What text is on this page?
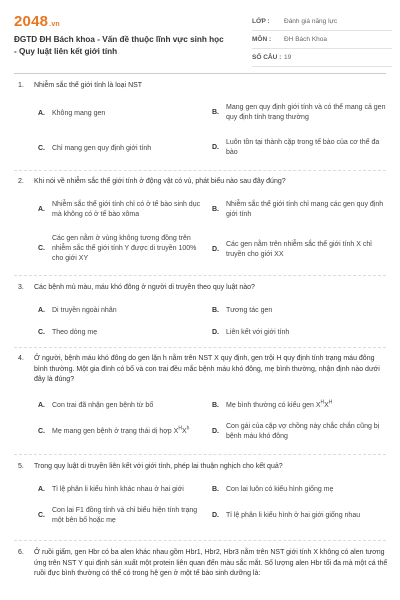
2048.vn
ĐGTD ĐH Bách khoa - Vấn đề thuộc lĩnh vực sinh học - Quy luật liên kết giới tính
LỚP :	Đánh giá năng lực
MÔN :	ĐH Bách Khoa
SỐ CÂU : 19
1. Nhiễm sắc thể giới tính là loại NST
A.	Không mang gen	B.
Mang gen quy định giới tính và có thể mang cả gen quy định tính trạng thường
C.	Chỉ mang gen quy định giới tính	D.
Luôn tồn tại thành cặp trong tế bào của cơ thể đa bào
2. Khi nói về nhiễm sắc thể giới tính ở động vật có vú, phát biểu nào sau đây đúng?
A.
Nhiễm sắc thể giới tính chỉ có ở tế bào sinh dục mà không có ở tế bào xôma
B.
Nhiễm sắc thể giới tính chỉ mang các gen quy định giới tính
C.
Các gen nằm ở vùng không tương đồng trên nhiễm sắc thể giới tính Y được di truyền 100% cho giới XY
D.
Các gen nằm trên nhiễm sắc thể giới tính X chỉ truyền cho giới XX
3. Các bệnh mù màu, máu khó đông ở người di truyền theo quy luật nào?
A.	Di truyền ngoài nhân	B.	Tương tác gen
C.	Theo dòng mẹ	D.	Liên kết với giới tính
4. Ở người, bệnh máu khó đông do gen lặn h nằm trên NST X quy định, gen trội H quy định tính trạng máu đông bình thường. Một gia đình có bố và con trai đều mắc bệnh máu khó đông, mẹ bình thường, nhận định nào dưới đây là đúng?
A.	Con trai đã nhận gen bệnh từ bố	B.	Mẹ bình thường có kiểu gen $X^HX^H$
C.	Mẹ mang gen bệnh ở trạng thái dị hợp $X^HX^h$	D.
Con gái của cặp vợ chồng này chắc chắn cũng bị bệnh máu khó đông
5. Trong quy luật di truyền liên kết với giới tính, phép lai thuận nghịch cho kết quả?
A.	Tỉ lệ phân li kiểu hình khác nhau ở hai giới	B.	Con lai luôn có kiểu hình giống mẹ
C.
Con lai F1 đồng tính và chỉ biểu hiện tính trạng một bên bố hoặc mẹ
D.	Tỉ lệ phân li kiểu hình ở hai giới giống nhau
6. Ở ruồi giấm, gen Hbr có ba alen khác nhau gồm Hbr1, Hbr2, Hbr3 nằm trên NST giới tính X không có alen tương ứng trên NST Y qui định sản xuất một protein liên quan đến màu sắc mắt. Số lượng alen Hbr tối đa mà một cá thể ruồi đực bình thường có thể có trong hệ gen ở một tế bào sinh dưỡng là:
